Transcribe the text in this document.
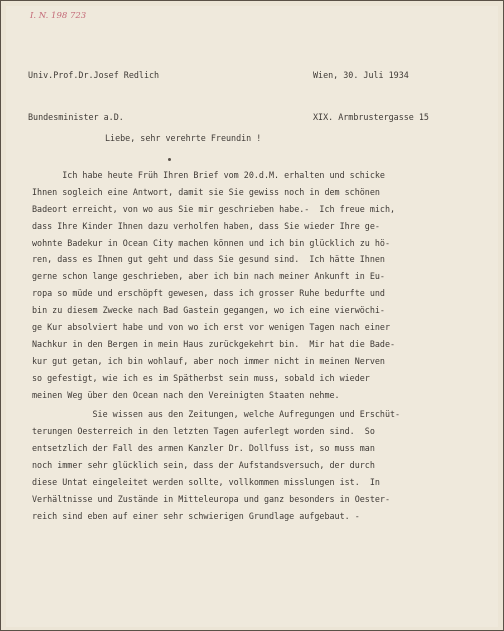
I. N. 198 723

Univ.Prof.Dr.Josef Redlich

Bundesminister a.D.

Wien, 30. Juli 1934

XIX. Armbrustergasse 15

Liebe, sehr verehrte Freundin !
Ich habe heute Früh Ihren Brief vom 20.d.M. erhalten und schicke
Ihnen sogleich eine Antwort, damit sie Sie gewiss noch in dem schönen
Badeort erreicht, von wo aus Sie mir geschrieben habe.-  Ich freue mich,
dass Ihre Kinder Ihnen dazu verholfen haben, dass Sie wieder Ihre ge-
wohnte Badekur in Ocean City machen können und ich bin glücklich zu hö-
ren, dass es Ihnen gut geht und dass Sie gesund sind.  Ich hätte Ihnen
gerne schon lange geschrieben, aber ich bin nach meiner Ankunft in Eu-
ropa so müde und erschöpft gewesen, dass ich grosser Ruhe bedurfte und
bin zu diesem Zwecke nach Bad Gastein gegangen, wo ich eine vierwöchi-
ge Kur absolviert habe und von wo ich erst vor wenigen Tagen nach einer
Nachkur in den Bergen in mein Haus zurückgekehrt bin.  Mir hat die Bade-
kur gut getan, ich bin wohlauf, aber noch immer nicht in meinen Nerven
so gefestigt, wie ich es im Spätherbst sein muss, sobald ich wieder
meinen Weg über den Ocean nach den Vereinigten Staaten nehme.
Sie wissen aus den Zeitungen, welche Aufregungen und Erschüt-
terungen Oesterreich in den letzten Tagen auferlegt worden sind.  So
entsetzlich der Fall des armen Kanzler Dr. Dollfuss ist, so muss man
noch immer sehr glücklich sein, dass der Aufstandsversuch, der durch
diese Untat eingeleitet werden sollte, vollkommen misslungen ist.  In
Verhältnisse und Zustände in Mitteleuropa und ganz besonders in Oester-
reich sind eben auf einer sehr schwierigen Grundlage aufgebaut. -
